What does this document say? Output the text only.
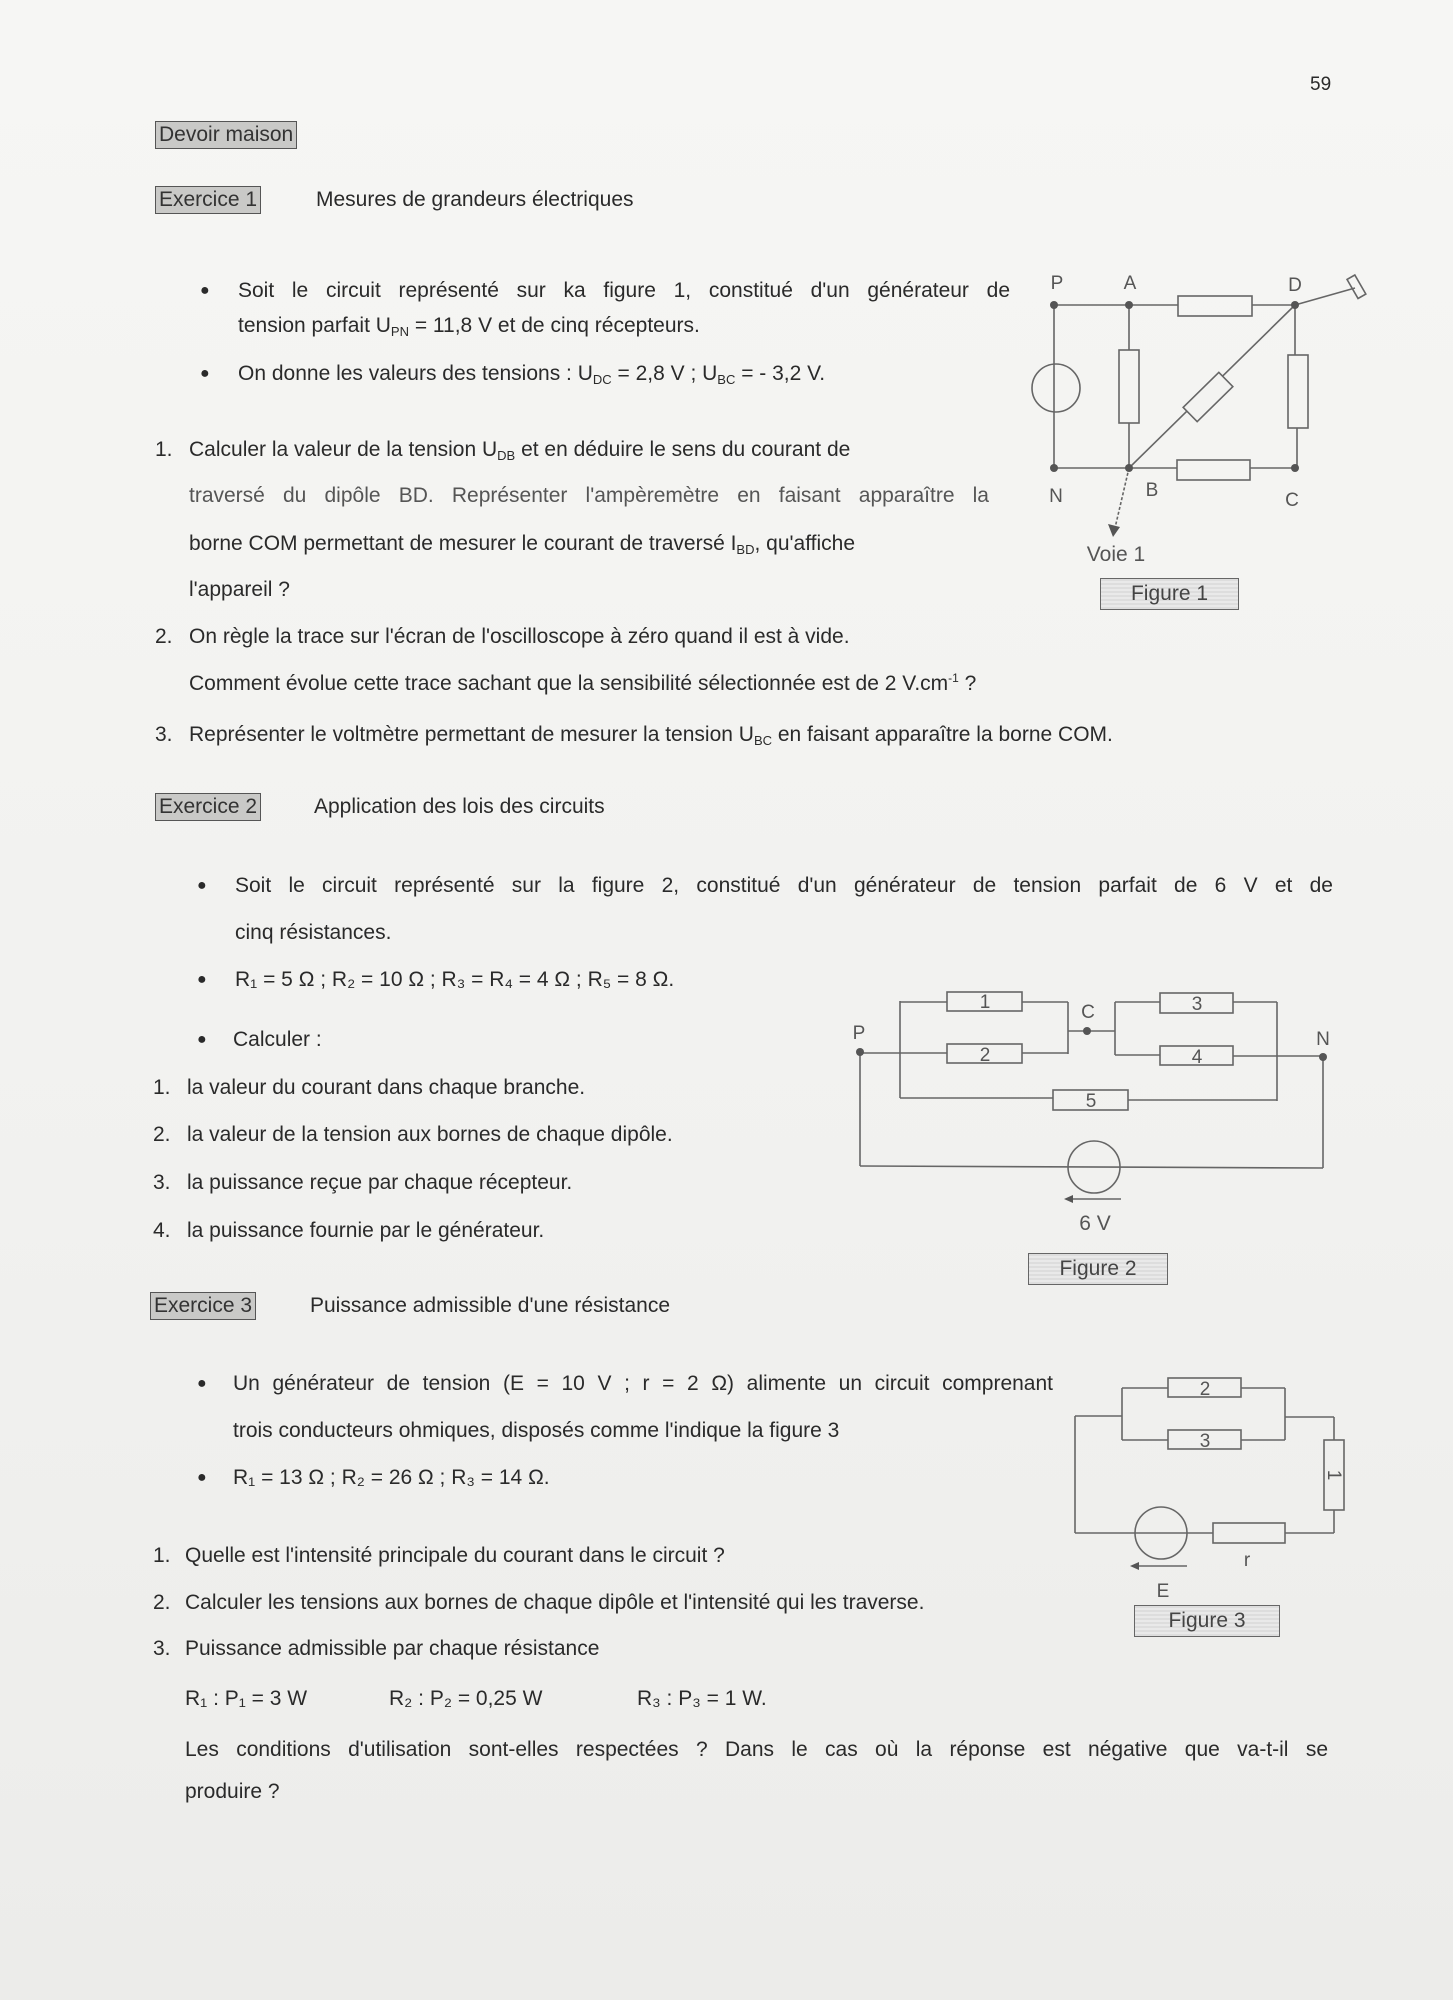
59
Devoir maison
Exercice 1	Mesures de grandeurs électriques
● Soit le circuit représenté sur ka figure 1, constitué d'un générateur de
tension parfait $U_{PN} = 11,8$ V et de cinq récepteurs.
● On donne les valeurs des tensions : $U_{DC} = 2,8$ V ; $U_{BC}$ = - 3,2 V.
1. Calculer la valeur de la tension $U_{DB}$ et en déduire le sens du courant de
traversé du dipôle BD. Représenter l'ampèremètre en faisant apparaître la
borne COM permettant de mesurer le courant de traversé $I_{BD}$, qu'affiche
l'appareil ?
2. On règle la trace sur l'écran de l'oscilloscope à zéro quand il est à vide.
Comment évolue cette trace sachant que la sensibilité sélectionnée est de 2 $V.cm^{-1}$ ?
3. Représenter le voltmètre permettant de mesurer la tension $U_{BC}$ en faisant apparaître la borne COM.
Exercice 2	Application des lois des circuits
● Soit le circuit représenté sur la figure 2, constitué d'un générateur de tension parfait de 6 V et de
cinq résistances.
● R₁ = 5 Ω ; R₂ = 10 Ω ; R₃ = R₄ = 4 Ω ; R₅ = 8 Ω.
● Calculer :
1. la valeur du courant dans chaque branche.
2. la valeur de la tension aux bornes de chaque dipôle.
3. la puissance reçue par chaque récepteur.
4. la puissance fournie par le générateur.
Exercice 3	Puissance admissible d'une résistance
● Un générateur de tension (E = 10 V ; r = 2 Ω) alimente un circuit comprenant
trois conducteurs ohmiques, disposés comme l'indique la figure 3
● R₁ = 13 Ω ; R₂ = 26 Ω ; R₃ = 14 Ω.
1. Quelle est l'intensité principale du courant dans le circuit ?
2. Calculer les tensions aux bornes de chaque dipôle et l'intensité qui les traverse.
3. Puissance admissible par chaque résistance
R₁ : P₁ = 3 W	R₂ : P₂ = 0,25 W	R₃ : P₃ = 1 W.
Les conditions d'utilisation sont-elles respectées ? Dans le cas où la réponse est négative que va-t-il se
produire ?
P	A	D
N	B	C
Voie 1
P	N
C
1
2
3
4
5
6 V
2
3
1
r
E
Figure 1
Figure 2
Figure 3
